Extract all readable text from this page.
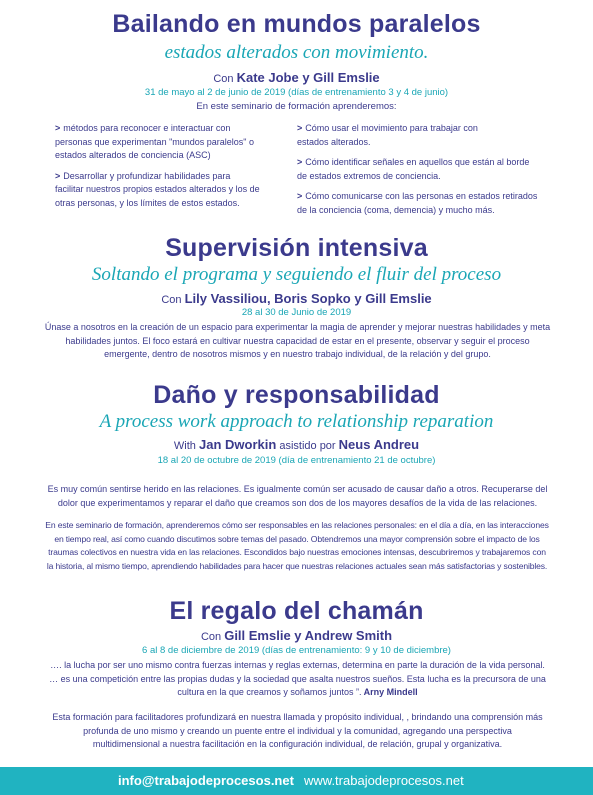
Bailando en mundos paralelos
estados alterados con movimiento.
Con Kate Jobe y Gill Emslie
31 de mayo al 2 de junio de 2019 (días de entrenamiento 3 y 4 de junio)
En este seminario de formación aprenderemos:
> métodos para reconocer e interactuar con
personas que experimentan "mundos paralelos" o
estados alterados de conciencia (ASC)
> Desarrollar y profundizar habilidades para
facilitar nuestros propios estados alterados y los de
otras personas, y los límites de estos estados.
> Cómo usar el movimiento para trabajar con
estados alterados.
> Cómo identificar señales en aquellos que están al borde
de estados extremos de conciencia.
> Cómo comunicarse con las personas en estados retirados
de la conciencia (coma, demencia) y mucho más.
Supervisión intensiva
Soltando el programa y seguiendo el fluir del proceso
Con Lily Vassiliou, Boris Sopko y Gill Emslie
28 al 30 de Junio de 2019
Únase a nosotros en la creación de un espacio para experimentar la magia de aprender y mejorar nuestras habilidades y meta
habilidades juntos. El foco estará en cultivar nuestra capacidad de estar en el presente, observar y seguir el proceso
emergente, dentro de nosotros mismos y en nuestro trabajo individual, de la relación y del grupo.
Daño y responsabilidad
A process work approach to relationship reparation
With Jan Dworkin asistido por Neus Andreu
18 al 20 de octubre de 2019 (día de entrenamiento 21 de octubre)
Es muy común sentirse herido en las relaciones. Es igualmente común ser acusado de causar daño a otros. Recuperarse del
dolor que experimentamos y reparar el daño que creamos son dos de los mayores desafíos de la vida de las relaciones.
En este seminario de formación, aprenderemos cómo ser responsables en las relaciones personales: en el día a día, en las interacciones
en tiempo real, así como cuando discutimos sobre temas del pasado. Obtendremos una mayor comprensión sobre el impacto de los
traumas colectivos en nuestra vida en las relaciones. Escondidos bajo nuestras emociones intensas, descubriremos y trabajaremos con
la historia, al mismo tiempo, aprendiendo habilidades para hacer que nuestras relaciones actuales sean más satisfactorias y sostenibles.
El regalo del chamán
Con Gill Emslie y Andrew Smith
6 al 8 de diciembre de 2019 (días de entrenamiento: 9 y 10 de diciembre)
…. la lucha por ser uno mismo contra fuerzas internas y reglas externas, determina en parte la duración de la vida personal.
… es una competición entre las propias dudas y la sociedad que asalta nuestros sueños. Esta lucha es la precursora de una
cultura en la que creamos y soñamos juntos ”. Arny Mindell
Esta formación para facilitadores profundizará en nuestra llamada y propósito individual, , brindando una comprensión más
profunda de uno mismo y creando un puente entre el individual y la comunidad, agregando una perspectiva
multidimensional a nuestra facilitación en la configuración individual, de relación, grupal y organizativa.
info@trabajodeprocesos.net www.trabajodeprocesos.net
